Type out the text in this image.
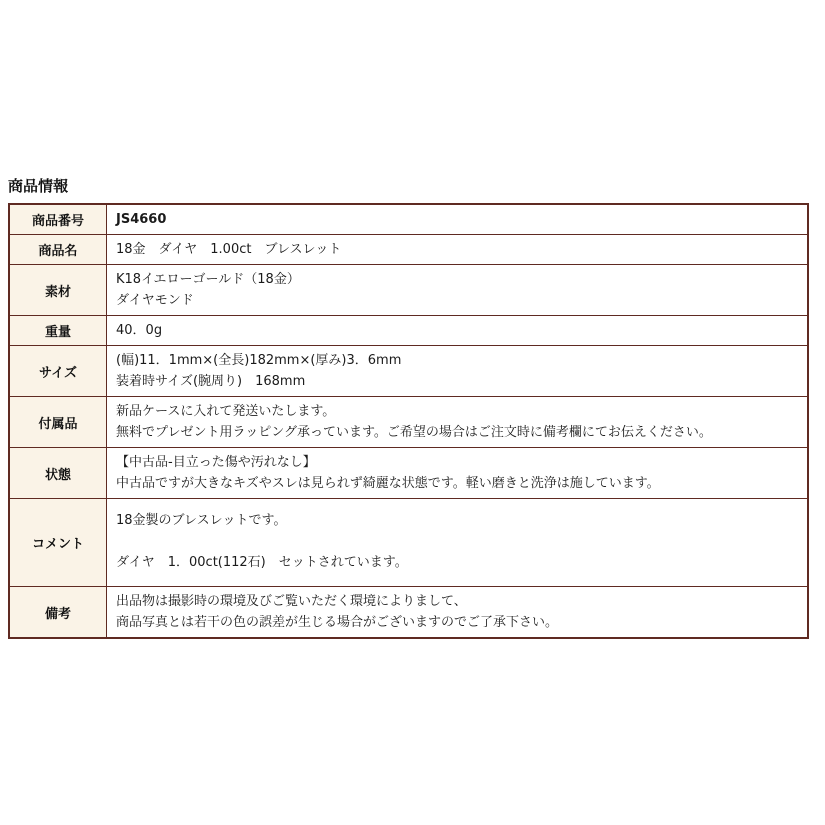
商品情報
商品番号	JS4660

商品名	18金　ダイヤ　1.00ct　ブレスレット

素材	K18イエローゴールド（18金）
ダイヤモンド

重量	40．0g

サイズ	(幅)11．1mm×(全長)182mm×(厚み)3．6mm
装着時サイズ(腕周り)　168mm

付属品	新品ケースに入れて発送いたします。
無料でプレゼント用ラッピング承っています。ご希望の場合はご注文時に備考欄にてお伝えください。

状態	【中古品-目立った傷や汚れなし】
中古品ですが大きなキズやスレは見られず綺麗な状態です。軽い磨きと洗浄は施しています。

コメント	18金製のブレスレットです。
ダイヤ　1．00ct(112石)　セットされています。

備考	出品物は撮影時の環境及びご覧いただく環境によりまして、
商品写真とは若干の色の誤差が生じる場合がございますのでご了承下さい。
